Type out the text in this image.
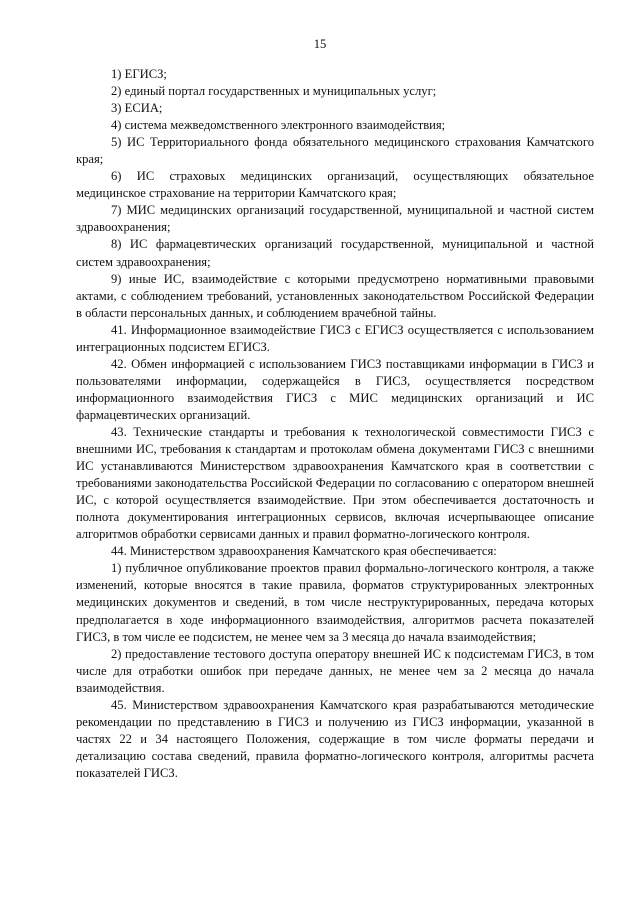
15

1) ЕГИСЗ;

2) единый портал государственных и муниципальных услуг;

3) ЕСИА;

4) система межведомственного электронного взаимодействия;

5) ИС Территориального фонда обязательного медицинского страхования Камчатского края;

6) ИС страховых медицинских организаций, осуществляющих обязательное медицинское страхование на территории Камчатского края;

7) МИС медицинских организаций государственной, муниципальной и частной систем здравоохранения;

8) ИС фармацевтических организаций государственной, муниципальной и частной систем здравоохранения;

9) иные ИС, взаимодействие с которыми предусмотрено нормативными правовыми актами, с соблюдением требований, установленных законодательством Российской Федерации в области персональных данных, и соблюдением врачебной тайны.

41. Информационное взаимодействие ГИСЗ с ЕГИСЗ осуществляется с использованием интеграционных подсистем ЕГИСЗ.

42. Обмен информацией с использованием ГИСЗ поставщиками информации в ГИСЗ и пользователями информации, содержащейся в ГИСЗ, осуществляется посредством информационного взаимодействия ГИСЗ с МИС медицинских организаций и ИС фармацевтических организаций.

43. Технические стандарты и требования к технологической совместимости ГИСЗ с внешними ИС, требования к стандартам и протоколам обмена документами ГИСЗ с внешними ИС устанавливаются Министерством здравоохранения Камчатского края в соответствии с требованиями законодательства Российской Федерации по согласованию с оператором внешней ИС, с которой осуществляется взаимодействие. При этом обеспечивается достаточность и полнота документирования интеграционных сервисов, включая исчерпывающее описание алгоритмов обработки сервисами данных и правил форматно-логического контроля.

44. Министерством здравоохранения Камчатского края обеспечивается:

1) публичное опубликование проектов правил формально-логического контроля, а также изменений, которые вносятся в такие правила, форматов структурированных электронных медицинских документов и сведений, в том числе неструктурированных, передача которых предполагается в ходе информационного взаимодействия, алгоритмов расчета показателей ГИСЗ, в том числе ее подсистем, не менее чем за 3 месяца до начала взаимодействия;

2) предоставление тестового доступа оператору внешней ИС к подсистемам ГИСЗ, в том числе для отработки ошибок при передаче данных, не менее чем за 2 месяца до начала взаимодействия.

45. Министерством здравоохранения Камчатского края разрабатываются методические рекомендации по представлению в ГИСЗ и получению из ГИСЗ информации, указанной в частях 22 и 34 настоящего Положения, содержащие в том числе форматы передачи и детализацию состава сведений, правила форматно-логического контроля, алгоритмы расчета показателей ГИСЗ.
